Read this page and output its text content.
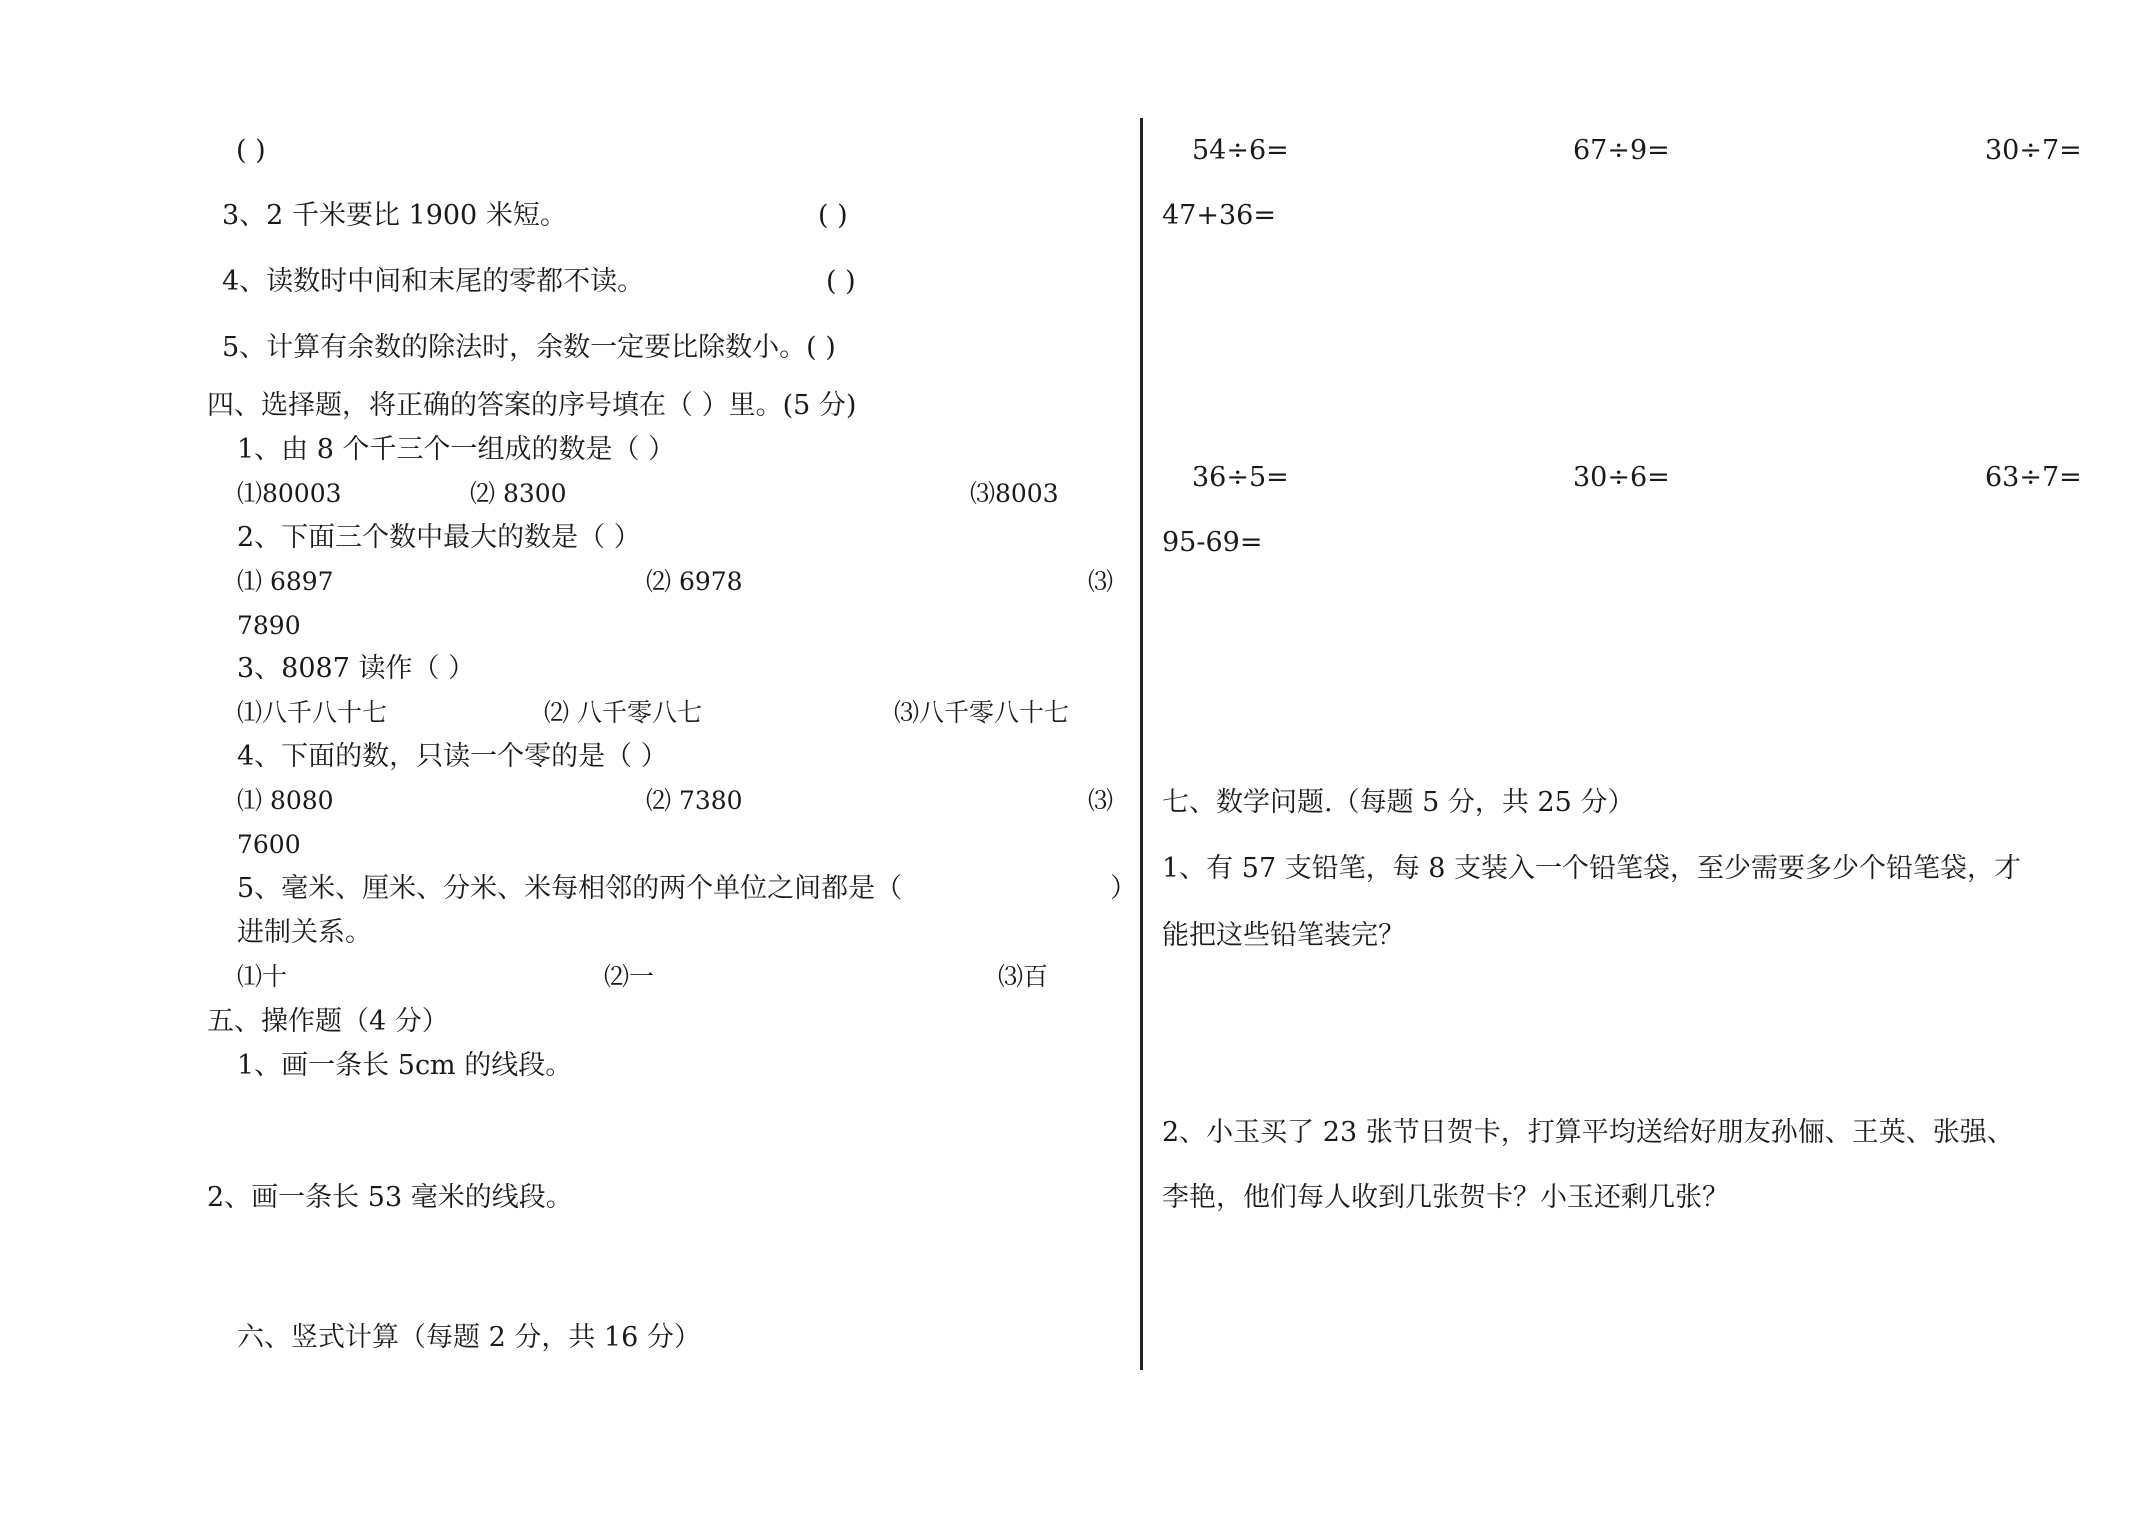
( )
3、2 千米要比 1900 米短。	( )
4、读数时中间和末尾的零都不读。	( )
5、计算有余数的除法时，余数一定要比除数小。( )
四、选择题，将正确的答案的序号填在（ ）里。(5 分)
1、由 8 个千三个一组成的数是（ ）
⑴80003	⑵ 8300	⑶8003
2、下面三个数中最大的数是（ ）
⑴ 6897	⑵ 6978	⑶
7890
3、8087 读作（ ）
⑴八千八十七	⑵ 八千零八七	⑶八千零八十七
4、下面的数，只读一个零的是（ ）
⑴ 8080	⑵ 7380	⑶
7600
5、毫米、厘米、分米、米每相邻的两个单位之间都是（	）
进制关系。
⑴十	⑵一	⑶百
五、操作题（4 分）
1、画一条长 5cm 的线段。
2、画一条长 53 毫米的线段。
六、竖式计算（每题 2 分，共 16 分）
54÷6=	67÷9=	30÷7=
47+36=
36÷5=	30÷6=	63÷7=
95-69=
七、数学问题.（每题 5 分，共 25 分）
1、有 57 支铅笔，每 8 支装入一个铅笔袋，至少需要多少个铅笔袋，才
能把这些铅笔装完？
2、小玉买了 23 张节日贺卡，打算平均送给好朋友孙俪、王英、张强、
李艳，他们每人收到几张贺卡？小玉还剩几张？
